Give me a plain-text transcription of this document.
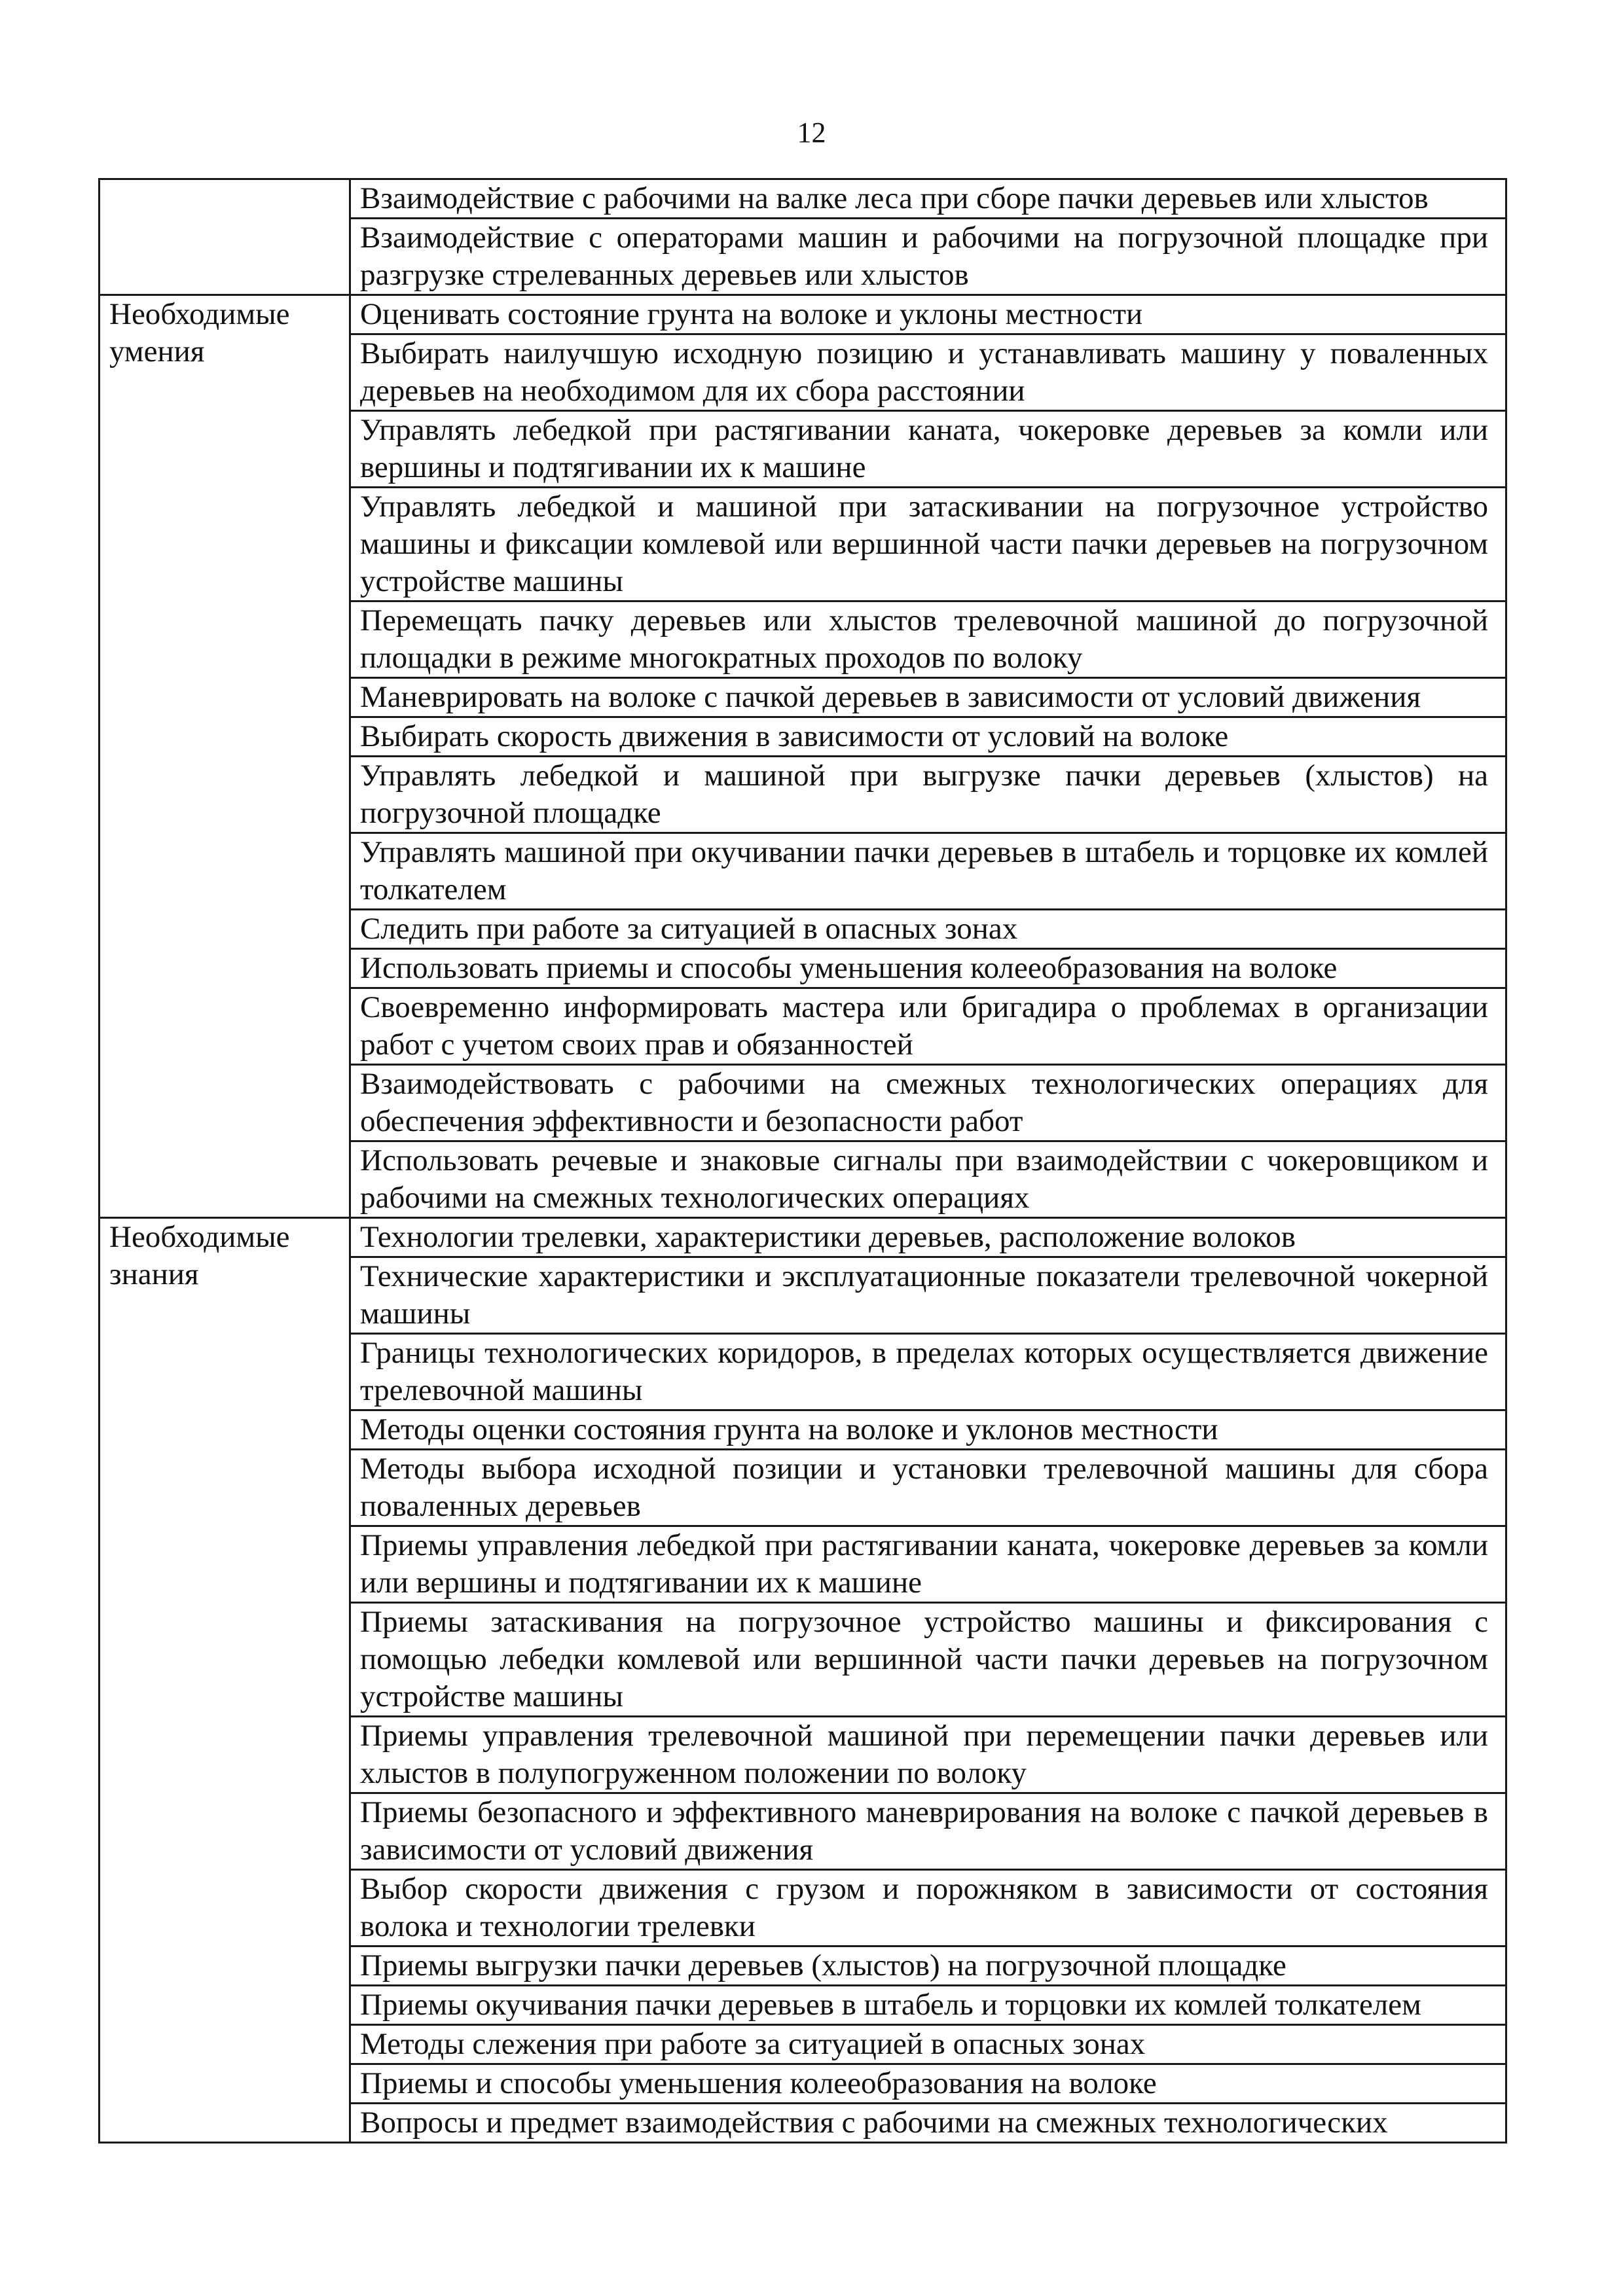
12
	Взаимодействие с рабочими на валке леса при сборе пачки деревьев или хлыстов
	Взаимодействие с операторами машин и рабочими на погрузочной площадке при разгрузке стрелеванных деревьев или хлыстов
Необходимые умения	Оценивать состояние грунта на волоке и уклоны местности
	Выбирать наилучшую исходную позицию и устанавливать машину у поваленных деревьев на необходимом для их сбора расстоянии
	Управлять лебедкой при растягивании каната, чокеровке деревьев за комли или вершины и подтягивании их к машине
	Управлять лебедкой и машиной при затаскивании на погрузочное устройство машины и фиксации комлевой или вершинной части пачки деревьев на погрузочном устройстве машины
	Перемещать пачку деревьев или хлыстов трелевочной машиной до погрузочной площадки в режиме многократных проходов по волоку
	Маневрировать на волоке с пачкой деревьев в зависимости от условий движения
	Выбирать скорость движения в зависимости от условий на волоке
	Управлять лебедкой и машиной при выгрузке пачки деревьев (хлыстов) на погрузочной площадке
	Управлять машиной при окучивании пачки деревьев в штабель и торцовке их комлей толкателем
	Следить при работе за ситуацией в опасных зонах
	Использовать приемы и способы уменьшения колееобразования на волоке
	Своевременно информировать мастера или бригадира о проблемах в организации работ с учетом своих прав и обязанностей
	Взаимодействовать с рабочими на смежных технологических операциях для обеспечения эффективности и безопасности работ
	Использовать речевые и знаковые сигналы при взаимодействии с чокеровщиком и рабочими на смежных технологических операциях
Необходимые знания	Технологии трелевки, характеристики деревьев, расположение волоков
	Технические характеристики и эксплуатационные показатели трелевочной чокерной машины
	Границы технологических коридоров, в пределах которых осуществляется движение трелевочной машины
	Методы оценки состояния грунта на волоке и уклонов местности
	Методы выбора исходной позиции и установки трелевочной машины для сбора поваленных деревьев
	Приемы управления лебедкой при растягивании каната, чокеровке деревьев за комли или вершины и подтягивании их к машине
	Приемы затаскивания на погрузочное устройство машины и фиксирования с помощью лебедки комлевой или вершинной части пачки деревьев на погрузочном устройстве машины
	Приемы управления трелевочной машиной при перемещении пачки деревьев или хлыстов в полупогруженном положении по волоку
	Приемы безопасного и эффективного маневрирования на волоке с пачкой деревьев в зависимости от условий движения
	Выбор скорости движения с грузом и порожняком в зависимости от состояния волока и технологии трелевки
	Приемы выгрузки пачки деревьев (хлыстов) на погрузочной площадке
	Приемы окучивания пачки деревьев в штабель и торцовки их комлей толкателем
	Методы слежения при работе за ситуацией в опасных зонах
	Приемы и способы уменьшения колееобразования на волоке
	Вопросы и предмет взаимодействия с рабочими на смежных технологических
